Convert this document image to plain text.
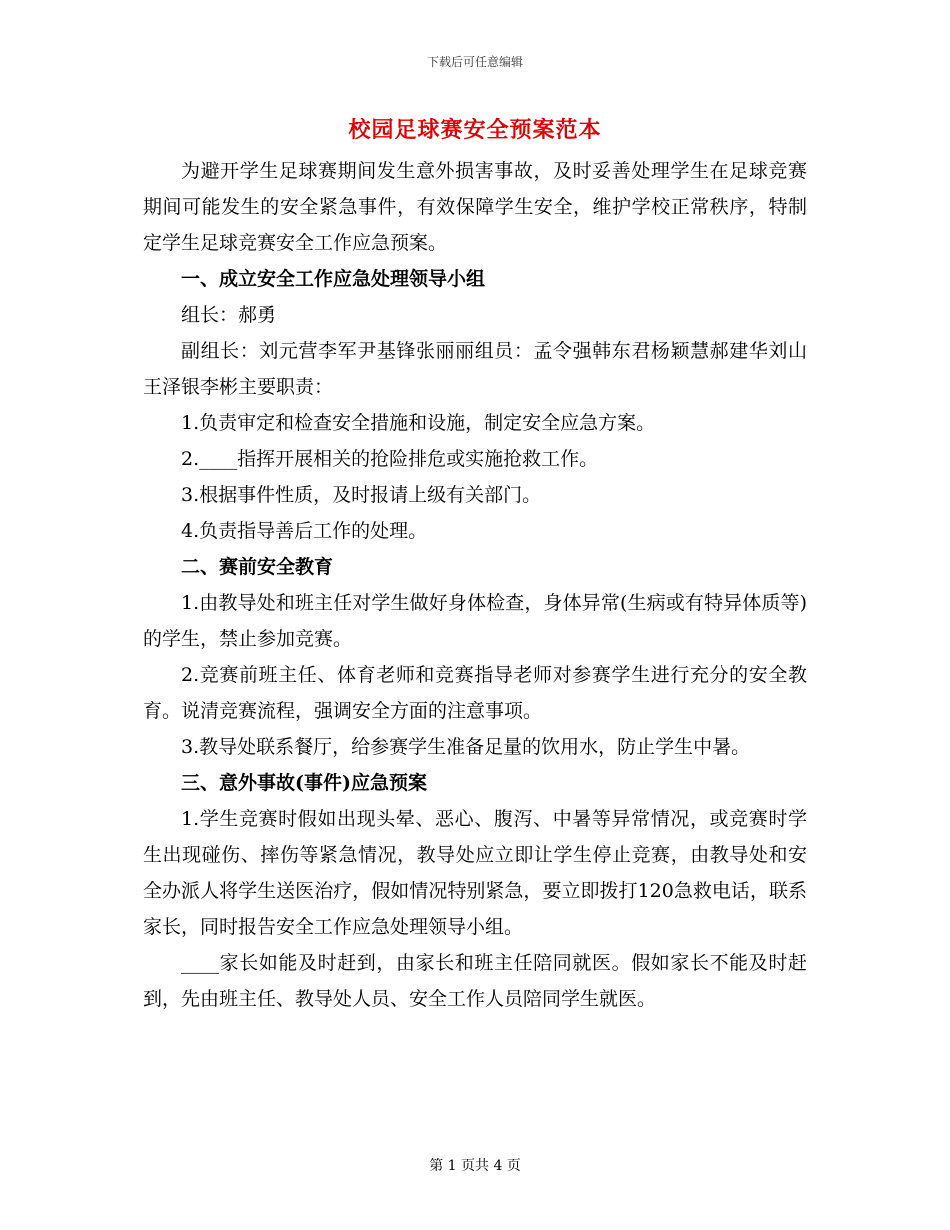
下载后可任意编辑
校园足球赛安全预案范本

为避开学生足球赛期间发生意外损害事故，及时妥善处理学生在足球竞赛期间可能发生的安全紧急事件，有效保障学生安全，维护学校正常秩序，特制定学生足球竞赛安全工作应急预案。

一、成立安全工作应急处理领导小组

组长：郝勇

副组长：刘元营李军尹基锋张丽丽组员：孟令强韩东君杨颖慧郝建华刘山王泽银李彬主要职责：

1.负责审定和检查安全措施和设施，制定安全应急方案。

2.____指挥开展相关的抢险排危或实施抢救工作。

3.根据事件性质，及时报请上级有关部门。

4.负责指导善后工作的处理。

二、赛前安全教育

1.由教导处和班主任对学生做好身体检查，身体异常(生病或有特异体质等)的学生，禁止参加竞赛。

2.竞赛前班主任、体育老师和竞赛指导老师对参赛学生进行充分的安全教育。说清竞赛流程，强调安全方面的注意事项。

3.教导处联系餐厅，给参赛学生准备足量的饮用水，防止学生中暑。

三、意外事故(事件)应急预案

1.学生竞赛时假如出现头晕、恶心、腹泻、中暑等异常情况，或竞赛时学生出现碰伤、摔伤等紧急情况，教导处应立即让学生停止竞赛，由教导处和安全办派人将学生送医治疗，假如情况特别紧急，要立即拨打120急救电话，联系家长，同时报告安全工作应急处理领导小组。

____家长如能及时赶到，由家长和班主任陪同就医。假如家长不能及时赶到，先由班主任、教导处人员、安全工作人员陪同学生就医。

第 1 页共 4 页
